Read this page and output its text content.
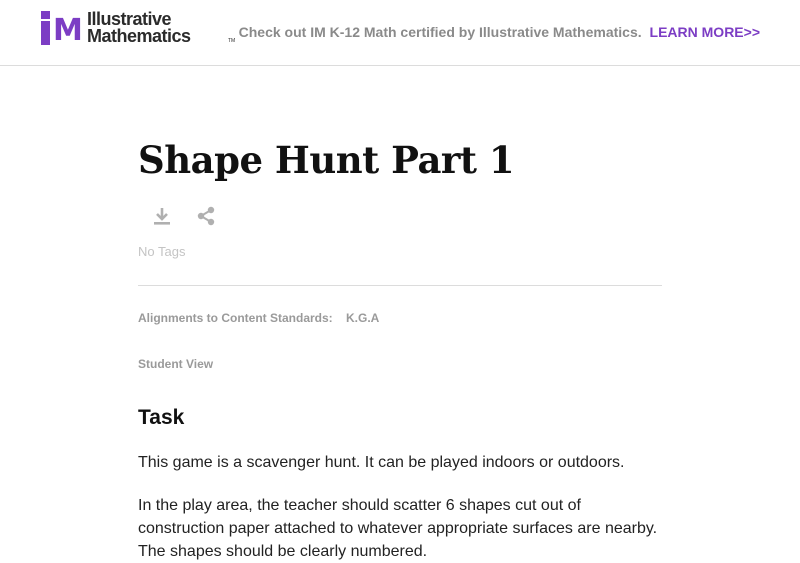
M Illustrative
Mathematics	TM
Check out IM K-12 Math certified by Illustrative Mathematics. LEARN MORE>>
Shape Hunt Part 1
No Tags
Alignments to Content Standards: K.G.A
Student View
Task

This game is a scavenger hunt. It can be played indoors or outdoors.

In the play area, the teacher should scatter 6 shapes cut out of construction paper attached to whatever appropriate surfaces are nearby. The shapes should be clearly numbered.
